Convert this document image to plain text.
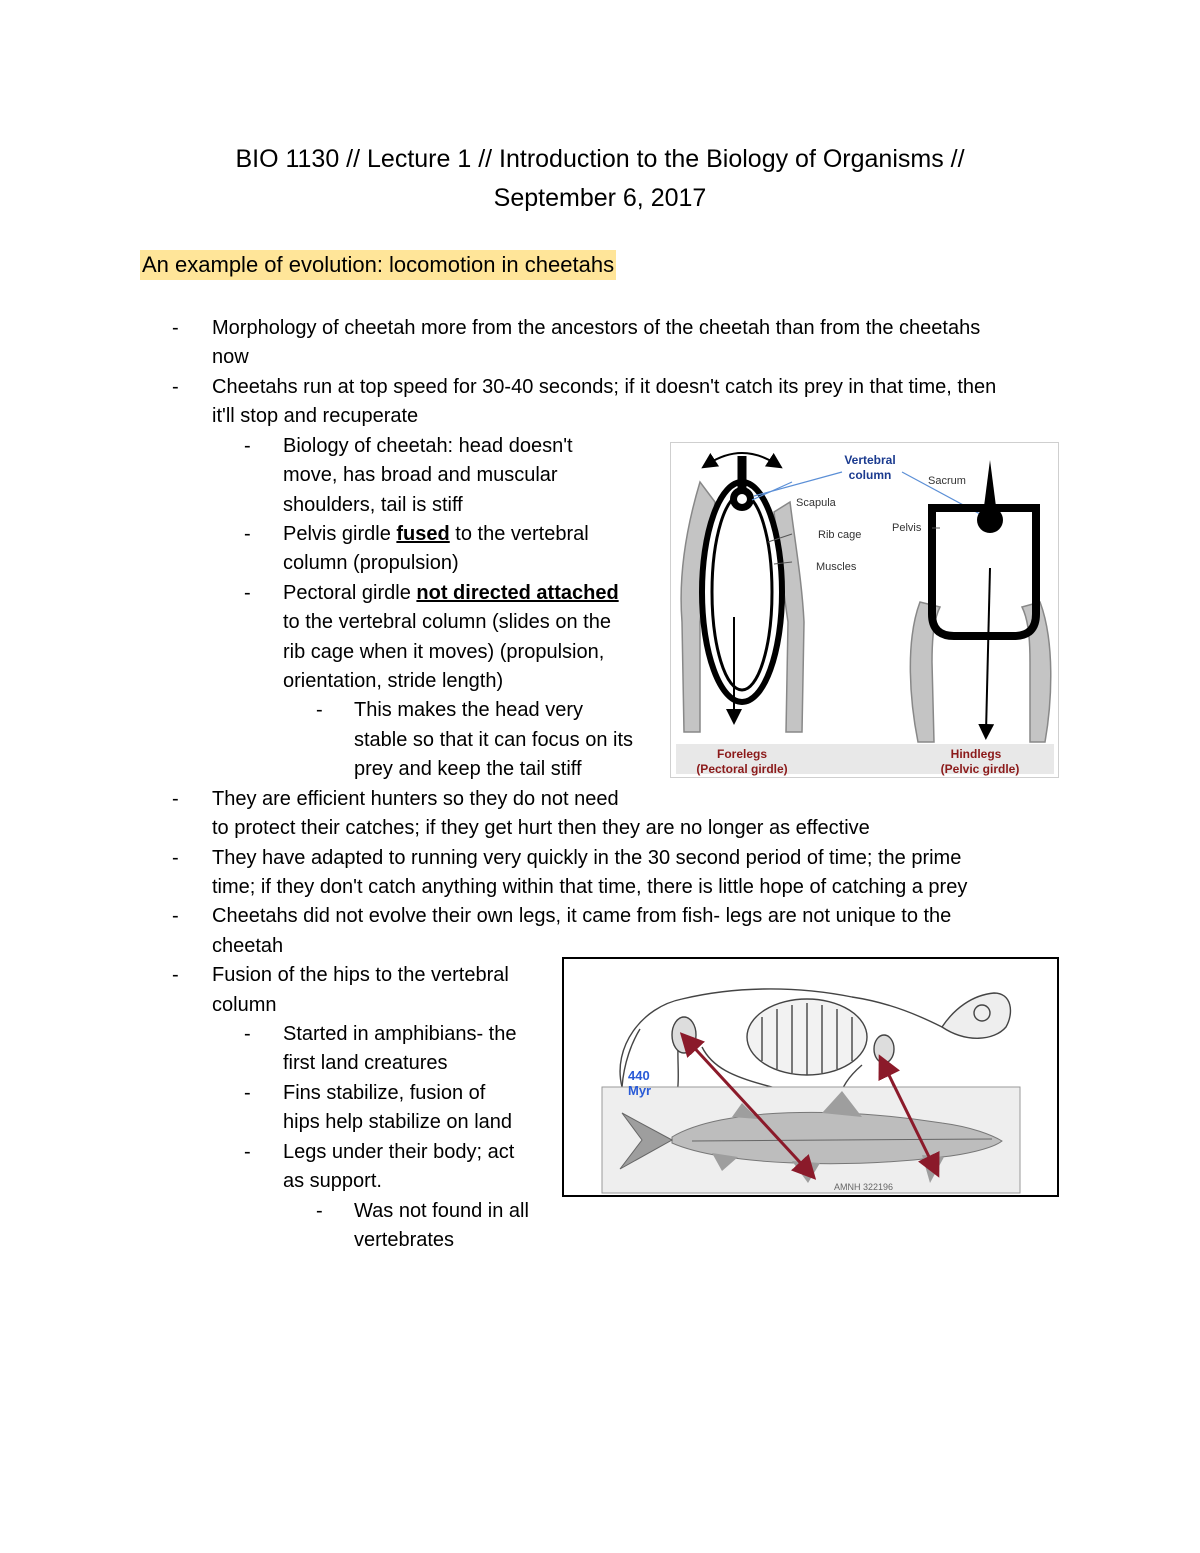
BIO 1130 // Lecture 1 // Introduction to the Biology of Organisms //
September 6, 2017
An example of evolution: locomotion in cheetahs
- Morphology of cheetah more from the ancestors of the cheetah than from the cheetahs
now
- Cheetahs run at top speed for 30-40 seconds; if it doesn't catch its prey in that time, then
it'll stop and recuperate
- Biology of cheetah: head doesn't
move, has broad and muscular
shoulders, tail is stiff
- Pelvis girdle fused to the vertebral
column (propulsion)
- Pectoral girdle not directed attached
to the vertebral column (slides on the
rib cage when it moves) (propulsion,
orientation, stride length)
- This makes the head very
stable so that it can focus on its
prey and keep the tail stiff
- They are efficient hunters so they do not need
to protect their catches; if they get hurt then they are no longer as effective
- They have adapted to running very quickly in the 30 second period of time; the prime
time; if they don't catch anything within that time, there is little hope of catching a prey
- Cheetahs did not evolve their own legs, it came from fish- legs are not unique to the
cheetah
- Fusion of the hips to the vertebral
column
- Started in amphibians- the
first land creatures
- Fins stabilize, fusion of
hips help stabilize on land
- Legs under their body; act
as support.
- Was not found in all
vertebrates
Scapula
Rib cage
Muscles
Vertebral
column	Sacrum
Pelvis
Forelegs
(Pectoral girdle)
Hindlegs
(Pelvic girdle)
440
Myr
AMNH 322196
